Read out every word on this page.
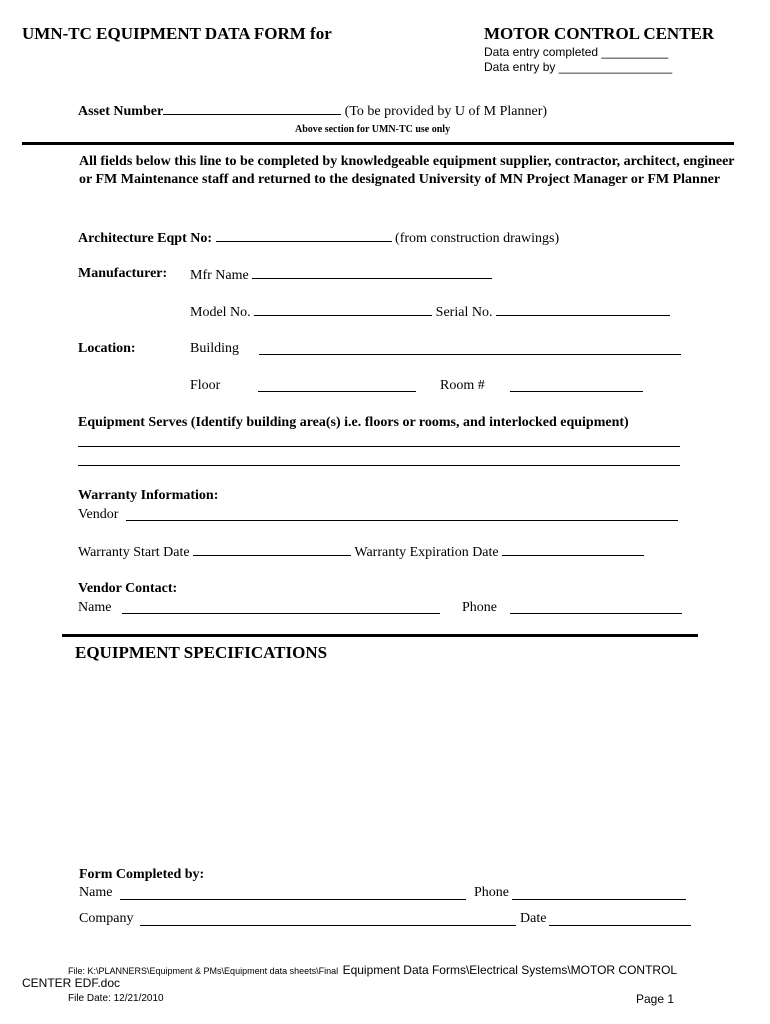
UMN-TC EQUIPMENT DATA FORM for	MOTOR CONTROL CENTER
Data entry completed __________
Data entry by _________________
Asset Number	(To be provided by U of M Planner)
Above section for UMN-TC use only
All fields below this line to be completed by knowledgeable equipment supplier, contractor, architect, engineer or FM Maintenance staff and returned to the designated University of MN Project Manager or FM Planner
Architecture Eqpt No:	(from construction drawings)
Manufacturer: Mfr Name
Model No.	Serial No.
Location:	Building
Floor	Room #
Equipment Serves (Identify building area(s) i.e. floors or rooms, and interlocked equipment)
Warranty Information:
Vendor
Warranty Start Date	Warranty Expiration Date
Vendor Contact:
Name	Phone
EQUIPMENT SPECIFICATIONS
Form Completed by:
Name	Phone
Company	Date
File: K:\PLANNERS\Equipment & PMs\Equipment data sheets\Final Equipment Data Forms\Electrical Systems\MOTOR CONTROL
CENTER EDF.doc
File Date: 12/21/2010	Page 1
